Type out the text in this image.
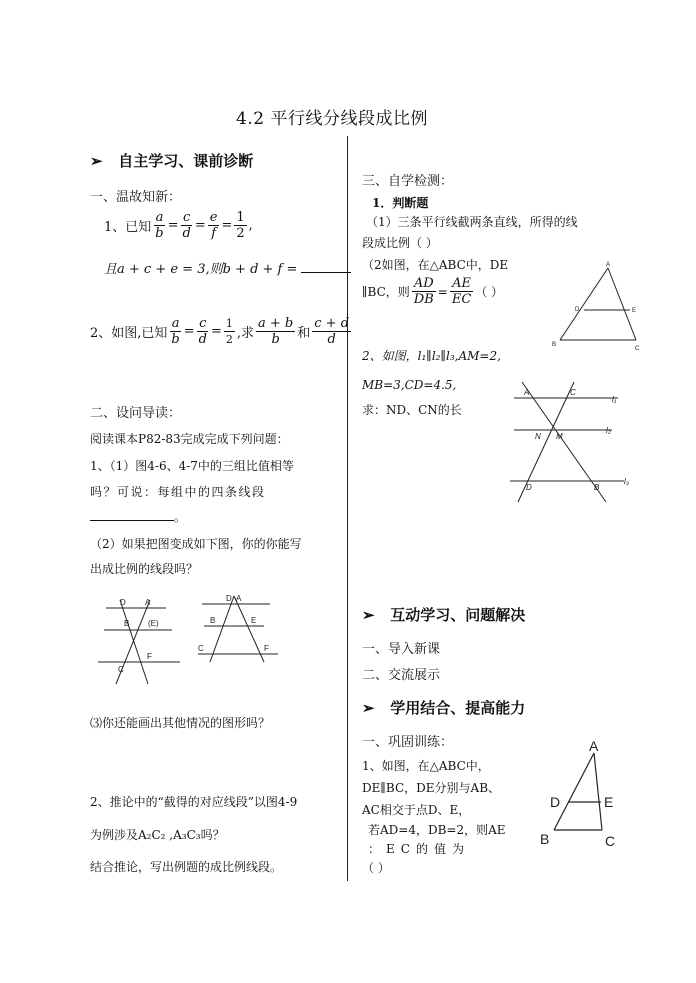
4.2 平行线分线段成比例
➢ 自主学习、课前诊断
一、温故知新：
1、已知 $\frac{a}{b} = \frac{c}{d} = \frac{e}{f} = \frac{1}{2}$ ,
且a + c + e = 3,则b + d + f =
2、如图,已知 $\frac{a}{b} = \frac{c}{d} = \frac{1}{2}$ ,求 $\frac{a + b}{b}$ 和 $\frac{c + d}{d}$
二、设问导读：
阅读课本P82-83完成完成下列问题：
1、（1）图4-6、4-7中的三组比值相等
吗？可说：每组中的四条线段
。
（2）如果把图变成如下图，你的你能写
出成比例的线段吗？
D A
B (E)
C
F
D A
B	E
C	F
⑶你还能画出其他情况的图形吗？
2、推论中的“截得的对应线段”以图4-9
为例涉及A₂C₂ ,A₃C₃吗？
结合推论，写出例题的成比例线段。
三、自学检测：
1．判断题
（1）三条平行线截两条直线，所得的线
段成比例（ ）
（2如图，在△ABC中，DE
∥BC，则 $\frac{AD}{DB} = \frac{AE}{EC}$ （ ）
A
D	E
B
C
2、如图，l₁∥l₂∥l₃,AM=2,
MB=3,CD=4.5,
求：ND、CN的长
A	C
l₁
N M
l₂
D	B
l₃
➢ 互动学习、问题解决
一、导入新课
二、交流展示
➢ 学用结合、提高能力
一、巩固训练：
1、如图，在△ABC中，
DE∥BC，DE分别与AB、
AC相交于点D、E，
若AD=4，DB=2，则AE
：EC的值为
（ ）
A
D	E
B	C
